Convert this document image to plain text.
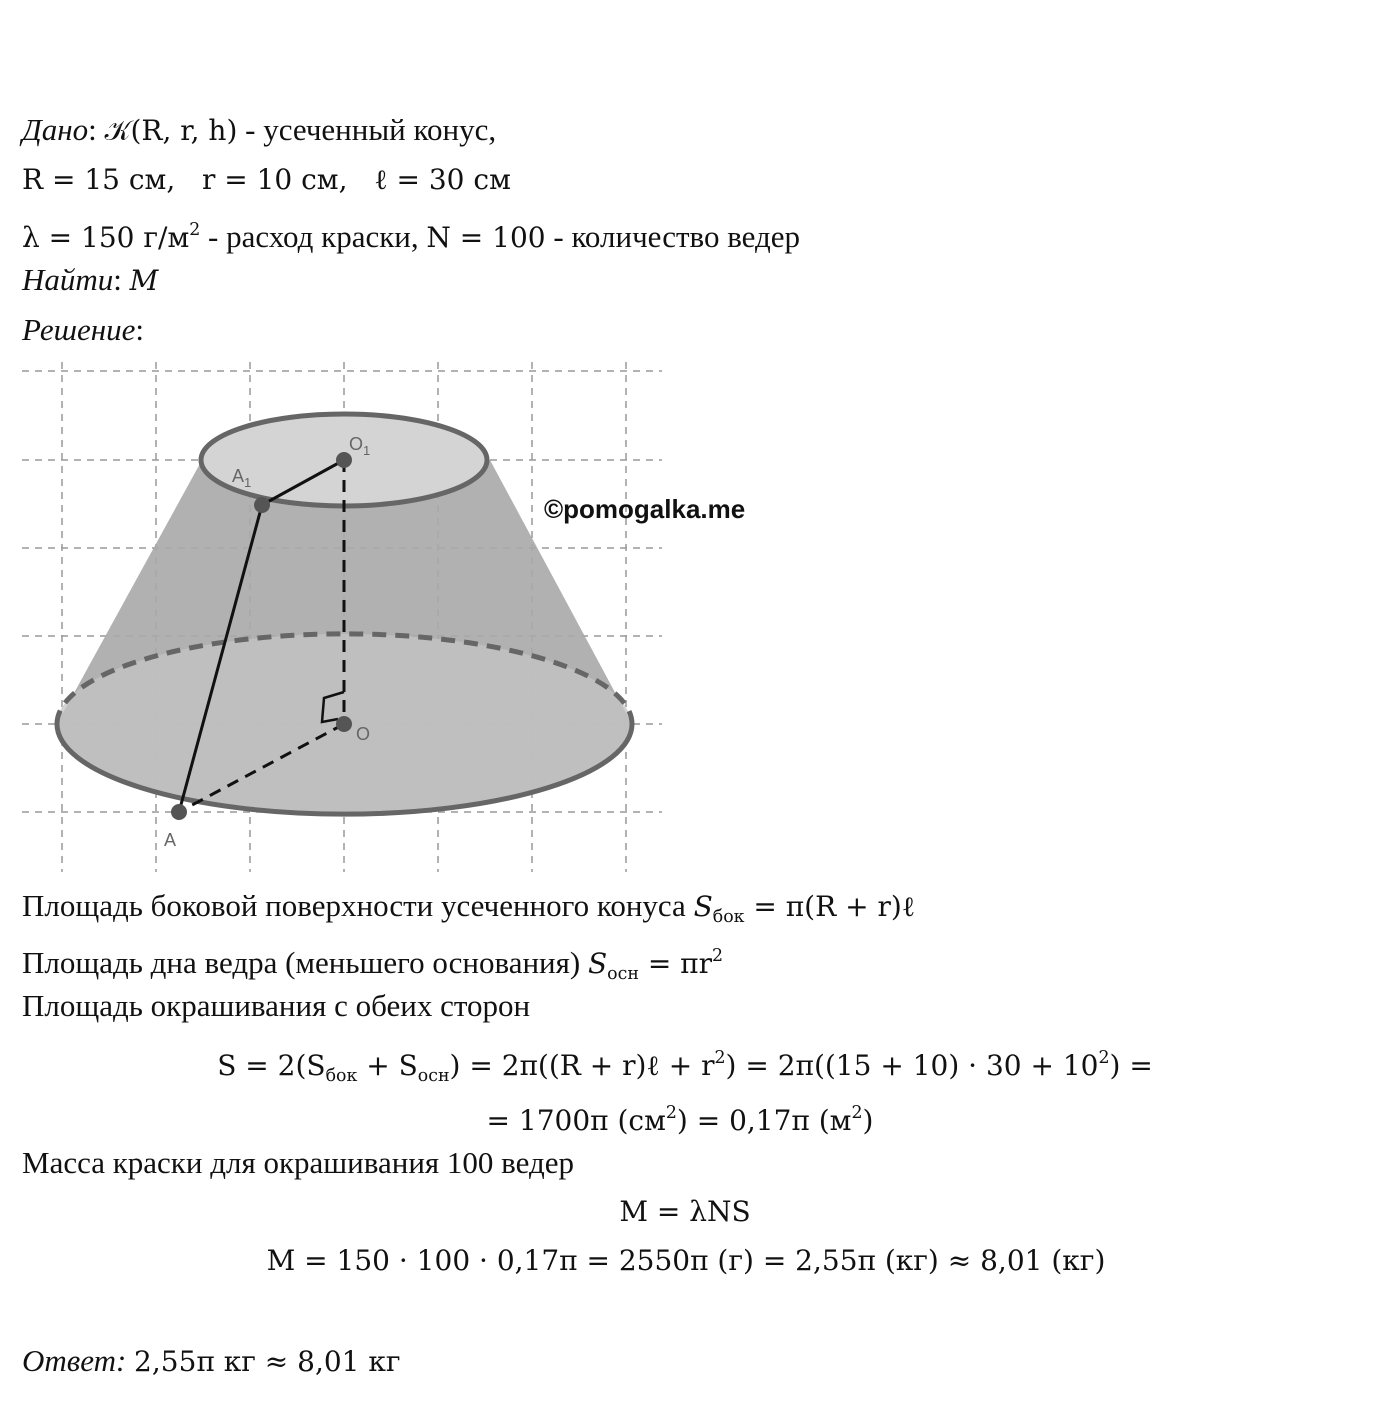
Дано: 𝒦(R, r, h) - усеченный конус,
R = 15 см, r = 10 см, ℓ = 30 см
λ = 150 $г/м^2$ - расход краски, N = 100 - количество ведер
Найти: M
Решение:
$O_1$
$A_1$
O
A
©pomogalka.me
Площадь боковой поверхности усеченного конуса $S_{бок} = \pi(R$ + r)ℓ
Площадь дна ведра (меньшего основания) $S_{осн} = \pi r^2$
Площадь окрашивания с обеих сторон
$S = 2(S_{бок} + S_{осн}) = 2\pi((R$ + r)ℓ + $r^2) = 2\pi((15 + 10) \cdot 30 + 10^2)$ =
= 1700π $(см^2) = 0,17\pi$ $(м^2)$
Масса краски для окрашивания 100 ведер
M = λNS
M = 150 · 100 · 0,17π = 2550π (г) = 2,55π (кг) ≈ 8,01 (кг)
Ответ: 2,55π кг ≈ 8,01 кг
